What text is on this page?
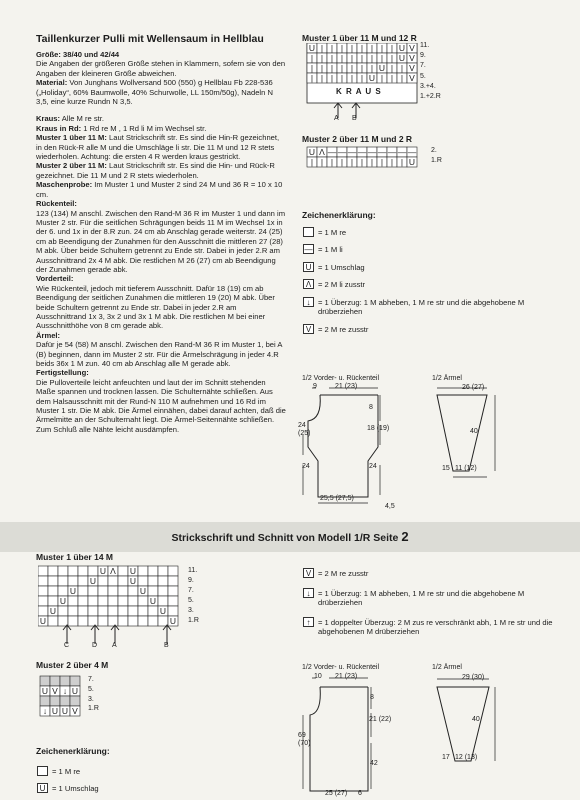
Taillenkurzer Pulli mit Wellensaum in Hellblau
Größe: 38/40 und 42/44
Die Angaben der größeren Größe stehen in Klammern, sofern sie von den Angaben der kleineren Größe abweichen.
Material: Von Junghans Wollversand 500 (550) g Hellblau Fb 228-536 („Holiday“, 60% Baumwolle, 40% Schurwolle, LL 150m/50g), Nadeln N 3,5, eine kurze Rundn N 3,5.
Kraus: Alle M re str.
Kraus in Rd: 1 Rd re M , 1 Rd li M im Wechsel str.
Muster 1 über 11 M: Laut Strickschrift str. Es sind die Hin-R gezeichnet, in den Rück-R alle M und die Umschläge li str. Die 11 M und 12 R stets wiederholen. Achtung: die ersten 4 R werden kraus gestrickt.
Muster 2 über 11 M: Laut Strickschrift str. Es sind die Hin- und Rück-R gezeichnet. Die 11 M und 2 R stets wiederholen.
Maschenprobe: Im Muster 1 und Muster 2 sind 24 M und 36 R = 10 x 10 cm.
Rückenteil:
123 (134) M anschl. Zwischen den Rand-M 36 R im Muster 1 und dann im Muster 2 str. Für die seitlichen Schrägungen beids 11 M im Wechsel 1x in der 6. und 1x in der 8.R zun. 24 cm ab Anschlag gerade weiterstr. 24 (25) cm ab Beendigung der Zunahmen für den Ausschnitt die mittleren 27 (28) M abk. Über beide Schultern getrennt zu Ende str. Dabei in jeder 2.R am Ausschnittrand 2x 4 M abk. Die restlichen M 26 (27) cm ab Beendigung der Zunahmen gerade abk.
Vorderteil:
Wie Rückenteil, jedoch mit tieferem Ausschnitt. Dafür 18 (19) cm ab Beendigung der seitlichen Zunahmen die mittleren 19 (20) M abk. Über beide Schultern getrennt zu Ende str. Dabei in jeder 2.R am Ausschnittrand 1x 3, 3x 2 und 3x 1 M abk. Die restlichen M bei einer Ausschnitthöhe von 8 cm gerade abk.
Ärmel:
Dafür je 54 (58) M anschl. Zwischen den Rand-M 36 R im Muster 1, bei A (B) beginnen, dann im Muster 2 str. Für die Ärmelschrägung in jeder 4.R beids 36x 1 M zun. 40 cm ab Anschlag alle M gerade abk.
Fertigstellung:
Die Pulloverteile leicht anfeuchten und laut der im Schnitt stehenden Maße spannen und trocknen lassen. Die Schulternähte schließen. Aus dem Halsausschnitt mit der Rund-N 110 M aufnehmen und 16 Rd im Muster 1 str. Die M abk. Die Ärmel einnähen, dabei darauf achten, daß die Ärmelmitte an der Schulternaht liegt. Die Ärmel-Seitennähte schließen. Zum Schluß alle Nähte leicht ausdämpfen.
Muster 1 über 11 M und 12 R
U | | | | | | | | U V
| | | | | | | | | U V
| | | | | | | U | | V
| | | | | | U | | | V
11.
9.
7.
5.
3.+4.
1.+2.R
K R A U S
A B
Muster 2 über 11 M und 2 R
U Λ — — — — — — — — —
| | | | | | | | | | U
2.
1.R
Zeichenerklärung:
= 1 M re
— = 1 M li
U = 1 Umschlag
Λ = 2 M li zusstr
↓ = 1 Überzug: 1 M abheben, 1 M re str und die abgehobene M drüberziehen
V = 2 M re zusstr
1/2 Vorder- u. Rückenteil	1/2 Ärmel
9	21 (23)
8
18 (19)
24 (25)
24	24
25,5 (27,5)
4,5
26 (27)
40
15 11 (12)
Strickschrift und Schnitt von Modell 1/R Seite 2
Muster 1 über 14 M
U Λ U
U	U
U	U
U	U
U	U
U	U
11.
9.
7.
5.
3.
1.R
C	D A	B
Muster 2 über 4 M
U V ↓ U
↓ U U V
7.
5.
3.
1.R
Zeichenerklärung:
= 1 M re
U = 1 Umschlag
V = 2 M re zusstr
↓ = 1 Überzug: 1 M abheben, 1 M re str und die abgehobene M drüberziehen
↑ = 1 doppelter Überzug: 2 M zus re verschränkt abh, 1 M re str und die abgehobenen M drüberziehen
1/2 Vorder- u. Rückenteil	1/2 Ärmel
10 21 (23)
8
21 (22)
69 (70)
42
25 (27) 6
29 (30)
40
17 12 (13)
